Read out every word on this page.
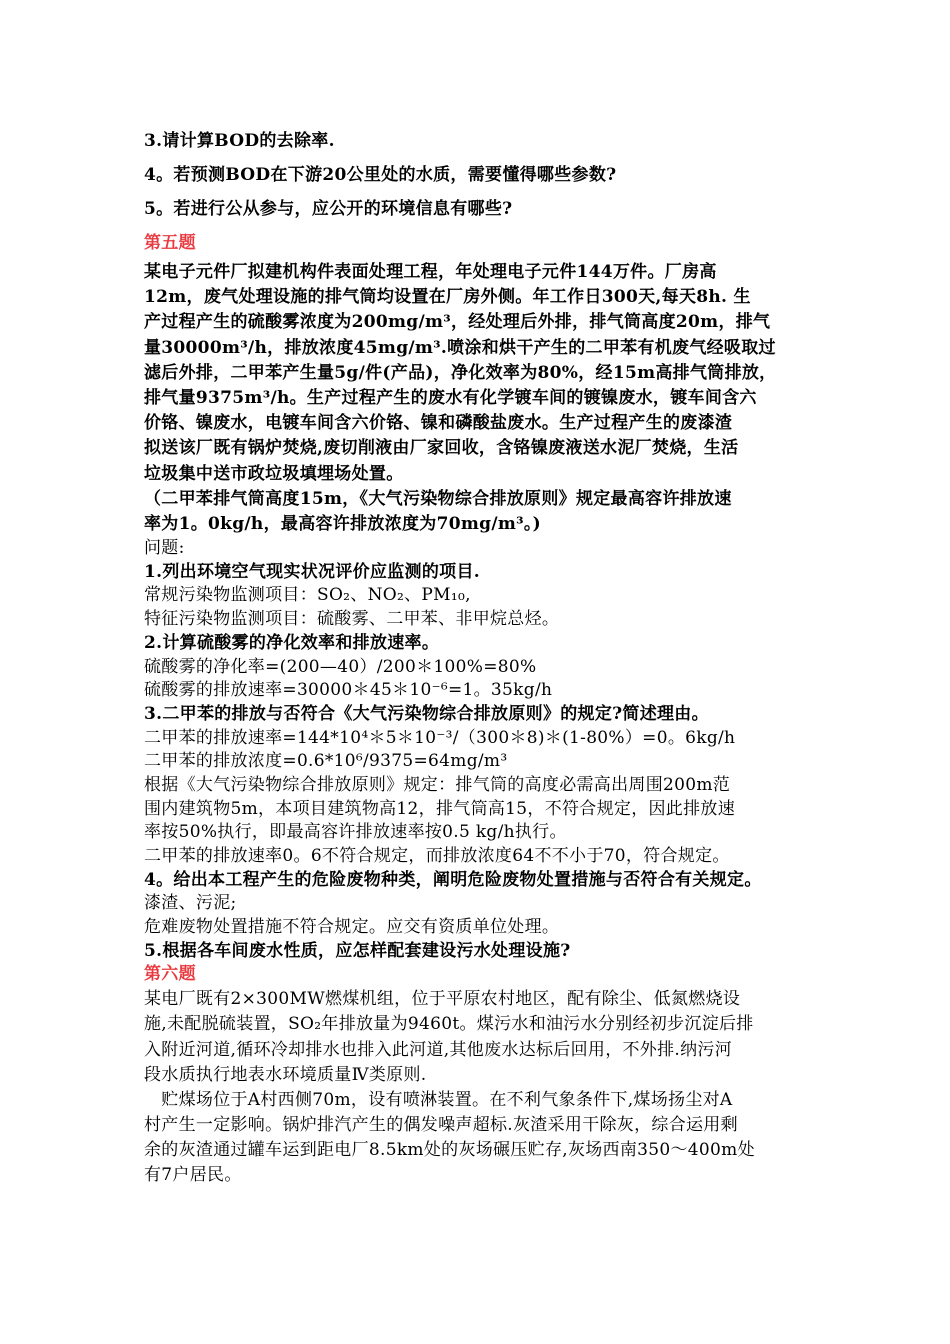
3.请计算BOD的去除率.
4。若预测BOD在下游20公里处的水质，需要懂得哪些参数?
5。若进行公从参与，应公开的环境信息有哪些?
第五题
某电子元件厂拟建机构件表面处理工程，年处理电子元件144万件。厂房高
12m，废气处理设施的排气筒均设置在厂房外侧。年工作日300天,每天8h. 生
产过程产生的硫酸雾浓度为200mg/m³，经处理后外排，排气筒高度20m，排气
量30000m³/h，排放浓度45mg/m³.喷涂和烘干产生的二甲苯有机废气经吸取过
滤后外排，二甲苯产生量5g/件(产品)，净化效率为80%，经15m高排气筒排放，
排气量9375m³/h。生产过程产生的废水有化学镀车间的镀镍废水，镀车间含六
价铬、镍废水，电镀车间含六价铬、镍和磷酸盐废水。生产过程产生的废漆渣
拟送该厂既有锅炉焚烧,废切削液由厂家回收，含铬镍废液送水泥厂焚烧，生活
垃圾集中送市政垃圾填埋场处置。
（二甲苯排气筒高度15m，《大气污染物综合排放原则》规定最高容许排放速
率为1。0kg/h，最高容许排放浓度为70mg/m³。)
问题:
1.列出环境空气现实状况评价应监测的项目.
常规污染物监测项目：SO₂、NO₂、PM₁₀,
特征污染物监测项目：硫酸雾、二甲苯、非甲烷总烃。
2.计算硫酸雾的净化效率和排放速率。
硫酸雾的净化率=(200—40）/200＊100%=80%
硫酸雾的排放速率=30000＊45＊10⁻⁶=1。35kg/h
3.二甲苯的排放与否符合《大气污染物综合排放原则》的规定?简述理由。
二甲苯的排放速率=144*10⁴＊5＊10⁻³/（300＊8)＊(1-80%）=0。6kg/h
二甲苯的排放浓度=0.6*10⁶/9375=64mg/m³
根据《大气污染物综合排放原则》规定：排气筒的高度必需高出周围200m范
围内建筑物5m，本项目建筑物高12，排气筒高15，不符合规定，因此排放速
率按50%执行，即最高容许排放速率按0.5 kg/h执行。
二甲苯的排放速率0。6不符合规定，而排放浓度64不不小于70，符合规定。
4。给出本工程产生的危险废物种类，阐明危险废物处置措施与否符合有关规定。
漆渣、污泥;
危难废物处置措施不符合规定。应交有资质单位处理。
5.根据各车间废水性质，应怎样配套建设污水处理设施?
第六题
某电厂既有2×300MW燃煤机组，位于平原农村地区，配有除尘、低氮燃烧设
施,未配脱硫装置，SO₂年排放量为9460t。煤污水和油污水分别经初步沉淀后排
入附近河道,循环冷却排水也排入此河道,其他废水达标后回用，不外排.纳污河
段水质执行地表水环境质量Ⅳ类原则.
　贮煤场位于A村西侧70m，设有喷淋装置。在不利气象条件下,煤场扬尘对A
村产生一定影响。锅炉排汽产生的偶发噪声超标.灰渣采用干除灰，综合运用剩
余的灰渣通过罐车运到距电厂8.5km处的灰场碾压贮存,灰场西南350～400m处
有7户居民。
